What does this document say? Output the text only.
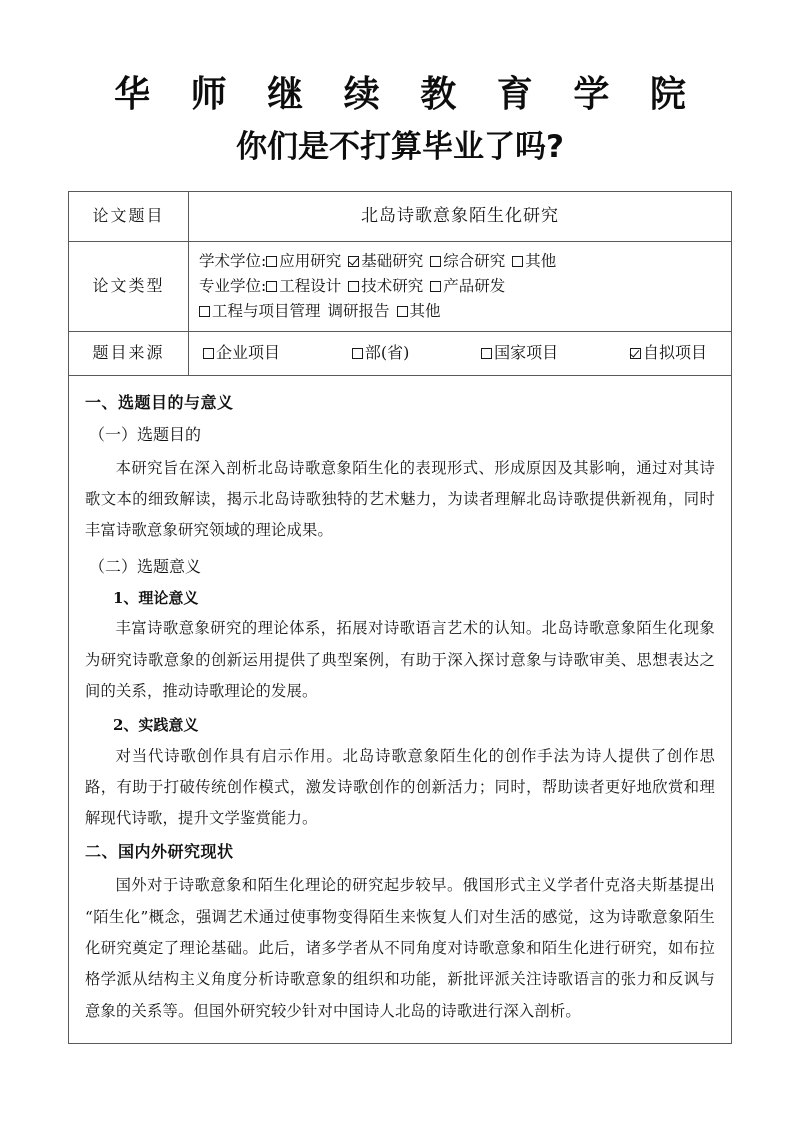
华 师 继 续 教 育 学 院
你们是不打算毕业了吗?
论文题目	北岛诗歌意象陌生化研究

论文类型	学术学位: 应用研究 基础研究 综合研究 其他
专业学位: 工程设计 技术研究 产品研发
工程与项目管理 调研报告 其他

题目来源	企业项目 部(省) 国家项目 自拟项目
一、选题目的与意义
（一）选题目的

本研究旨在深入剖析北岛诗歌意象陌生化的表现形式、形成原因及其影响，通过对其诗歌文本的细致解读，揭示北岛诗歌独特的艺术魅力，为读者理解北岛诗歌提供新视角，同时丰富诗歌意象研究领域的理论成果。

（二）选题意义
1、理论意义

丰富诗歌意象研究的理论体系，拓展对诗歌语言艺术的认知。北岛诗歌意象陌生化现象为研究诗歌意象的创新运用提供了典型案例，有助于深入探讨意象与诗歌审美、思想表达之间的关系，推动诗歌理论的发展。

2、实践意义

对当代诗歌创作具有启示作用。北岛诗歌意象陌生化的创作手法为诗人提供了创作思路，有助于打破传统创作模式，激发诗歌创作的创新活力；同时，帮助读者更好地欣赏和理解现代诗歌，提升文学鉴赏能力。

二、国内外研究现状

国外对于诗歌意象和陌生化理论的研究起步较早。俄国形式主义学者什克洛夫斯基提出“陌生化”概念，强调艺术通过使事物变得陌生来恢复人们对生活的感觉，这为诗歌意象陌生化研究奠定了理论基础。此后，诸多学者从不同角度对诗歌意象和陌生化进行研究，如布拉格学派从结构主义角度分析诗歌意象的组织和功能，新批评派关注诗歌语言的张力和反讽与意象的关系等。但国外研究较少针对中国诗人北岛的诗歌进行深入剖析。
